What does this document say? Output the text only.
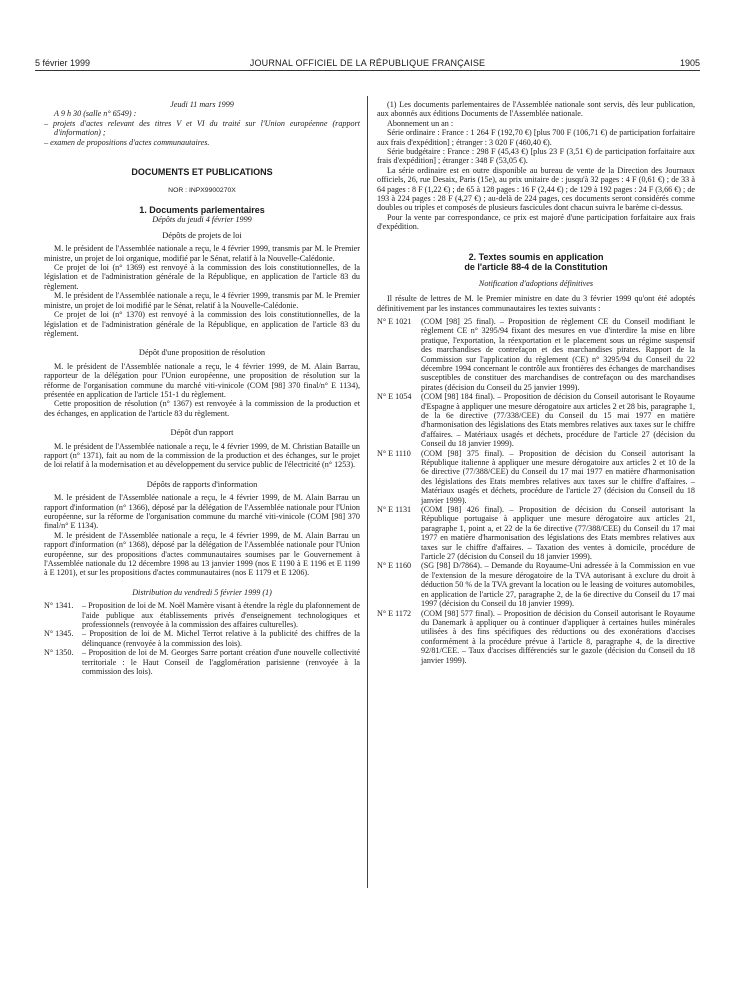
5 février 1999	JOURNAL OFFICIEL DE LA RÉPUBLIQUE FRANÇAISE	1905

Jeudi 11 mars 1999

A 9 h 30 (salle n° 6549) :

– projets d'actes relevant des titres V et VI du traité sur l'Union européenne (rapport d'information) ;

– examen de propositions d'actes communautaires.

DOCUMENTS ET PUBLICATIONS

NOR : INPX9900270X

1. Documents parlementaires

Dépôts du jeudi 4 février 1999

Dépôts de projets de loi

M. le président de l'Assemblée nationale a reçu, le 4 février 1999, transmis par M. le Premier ministre, un projet de loi organique, modifié par le Sénat, relatif à la Nouvelle-Calédonie.

Ce projet de loi (n° 1369) est renvoyé à la commission des lois constitutionnelles, de la législation et de l'administration générale de la République, en application de l'article 83 du règlement.

M. le président de l'Assemblée nationale a reçu, le 4 février 1999, transmis par M. le Premier ministre, un projet de loi modifié par le Sénat, relatif à la Nouvelle-Calédonie.

Ce projet de loi (n° 1370) est renvoyé à la commission des lois constitutionnelles, de la législation et de l'administration générale de la République, en application de l'article 83 du règlement.

Dépôt d'une proposition de résolution

M. le président de l'Assemblée nationale a reçu, le 4 février 1999, de M. Alain Barrau, rapporteur de la délégation pour l'Union européenne, une proposition de résolution sur la réforme de l'organisation commune du marché viti-vinicole (COM [98] 370 final/n° E 1134), présentée en application de l'article 151-1 du règlement.

Cette proposition de résolution (n° 1367) est renvoyée à la commission de la production et des échanges, en application de l'article 83 du règlement.

Dépôt d'un rapport

M. le président de l'Assemblée nationale a reçu, le 4 février 1999, de M. Christian Bataille un rapport (n° 1371), fait au nom de la commission de la production et des échanges, sur le projet de loi relatif à la modernisation et au développement du service public de l'électricité (n° 1253).

Dépôts de rapports d'information

M. le président de l'Assemblée nationale a reçu, le 4 février 1999, de M. Alain Barrau un rapport d'information (n° 1366), déposé par la délégation de l'Assemblée nationale pour l'Union européenne, sur la réforme de l'organisation commune du marché viti-vinicole (COM [98] 370 final/n° E 1134).

M. le président de l'Assemblée nationale a reçu, le 4 février 1999, de M. Alain Barrau un rapport d'information (n° 1368), déposé par la délégation de l'Assemblée nationale pour l'Union européenne, sur des propositions d'actes communautaires soumises par le Gouvernement à l'Assemblée nationale du 12 décembre 1998 au 13 janvier 1999 (nos E 1190 à E 1196 et E 1199 à E 1201), et sur les propositions d'actes communautaires (nos E 1179 et E 1206).

Distribution du vendredi 5 février 1999 (1)

N° 1341. – Proposition de loi de M. Noël Mamère visant à étendre la règle du plafonnement de l'aide publique aux établissements privés d'enseignement technologiques et professionnels (renvoyée à la commission des affaires culturelles).
N° 1345. – Proposition de loi de M. Michel Terrot relative à la publicité des chiffres de la délinquance (renvoyée à la commission des lois).
N° 1350. – Proposition de loi de M. Georges Sarre portant création d'une nouvelle collectivité territoriale : le Haut Conseil de l'agglomération parisienne (renvoyée à la commission des lois).

(1) Les documents parlementaires de l'Assemblée nationale sont servis, dès leur publication, aux abonnés aux éditions Documents de l'Assemblée nationale.

Abonnement un an :

Série ordinaire : France : 1 264 F (192,70 €) [plus 700 F (106,71 €) de participation forfaitaire aux frais d'expédition] ; étranger : 3 020 F (460,40 €).

Série budgétaire : France : 298 F (45,43 €) [plus 23 F (3,51 €) de participation forfaitaire aux frais d'expédition] ; étranger : 348 F (53,05 €).

La série ordinaire est en outre disponible au bureau de vente de la Direction des Journaux officiels, 26, rue Desaix, Paris (15e), au prix unitaire de : jusqu'à 32 pages : 4 F (0,61 €) ; de 33 à 64 pages : 8 F (1,22 €) ; de 65 à 128 pages : 16 F (2,44 €) ; de 129 à 192 pages : 24 F (3,66 €) ; de 193 à 224 pages : 28 F (4,27 €) ; au-delà de 224 pages, ces documents seront considérés comme doubles ou triples et composés de plusieurs fascicules dont chacun suivra le barème ci-dessus.

Pour la vente par correspondance, ce prix est majoré d'une participation forfaitaire aux frais d'expédition.

2. Textes soumis en application

de l'article 88-4 de la Constitution

Notification d'adoptions définitives

Il résulte de lettres de M. le Premier ministre en date du 3 février 1999 qu'ont été adoptés définitivement par les instances communautaires les textes suivants :

N° E 1021	(COM [98] 25 final). – Proposition de règlement CE du Conseil modifiant le règlement CE n° 3295/94 fixant des mesures en vue d'interdire la mise en libre pratique, l'exportation, la réexportation et le placement sous un régime suspensif des marchandises de contrefaçon et des marchandises pirates. Rapport de la Commission sur l'application du règlement (CE) n° 3295/94 du Conseil du 22 décembre 1994 concernant le contrôle aux frontières des échanges de marchandises susceptibles de constituer des marchandises de contrefaçon ou des marchandises pirates (décision du Conseil du 25 janvier 1999).
N° E 1054	(COM [98] 184 final). – Proposition de décision du Conseil autorisant le Royaume d'Espagne à appliquer une mesure dérogatoire aux articles 2 et 28 bis, paragraphe 1, de la 6e directive (77/338/CEE) du Conseil du 15 mai 1977 en matière d'harmonisation des législations des Etats membres relatives aux taxes sur le chiffre d'affaires. – Matériaux usagés et déchets, procédure de l'article 27 (décision du Conseil du 18 janvier 1999).
N° E 1110	(COM [98] 375 final). – Proposition de décision du Conseil autorisant la République italienne à appliquer une mesure dérogatoire aux articles 2 et 10 de la 6e directive (77/388/CEE) du Conseil du 17 mai 1977 en matière d'harmonisation des législations des Etats membres relatives aux taxes sur le chiffre d'affaires. – Matériaux usagés et déchets, procédure de l'article 27 (décision du Conseil du 18 janvier 1999).
N° E 1131	(COM [98] 426 final). – Proposition de décision du Conseil autorisant la République portugaise à appliquer une mesure dérogatoire aux articles 21, paragraphe 1, point a, et 22 de la 6e directive (77/388/CEE) du Conseil du 17 mai 1977 en matière d'harmonisation des législations des Etats membres relatives aux taxes sur le chiffre d'affaires. – Taxation des ventes à domicile, procédure de l'article 27 (décision du Conseil du 18 janvier 1999).
N° E 1160	(SG [98] D/7864). – Demande du Royaume-Uni adressée à la Commission en vue de l'extension de la mesure dérogatoire de la TVA autorisant à exclure du droit à déduction 50 % de la TVA grevant la location ou le leasing de voitures automobiles, en application de l'article 27, paragraphe 2, de la 6e directive du Conseil du 17 mai 1997 (décision du Conseil du 18 janvier 1999).
N° E 1172	(COM [98] 577 final). – Proposition de décision du Conseil autorisant le Royaume du Danemark à appliquer ou à continuer d'appliquer à certaines huiles minérales utilisées à des fins spécifiques des réductions ou des exonérations d'accises conformément à la procédure prévue à l'article 8, paragraphe 4, de la directive 92/81/CEE. – Taux d'accises différenciés sur le gazole (décision du Conseil du 18 janvier 1999).
